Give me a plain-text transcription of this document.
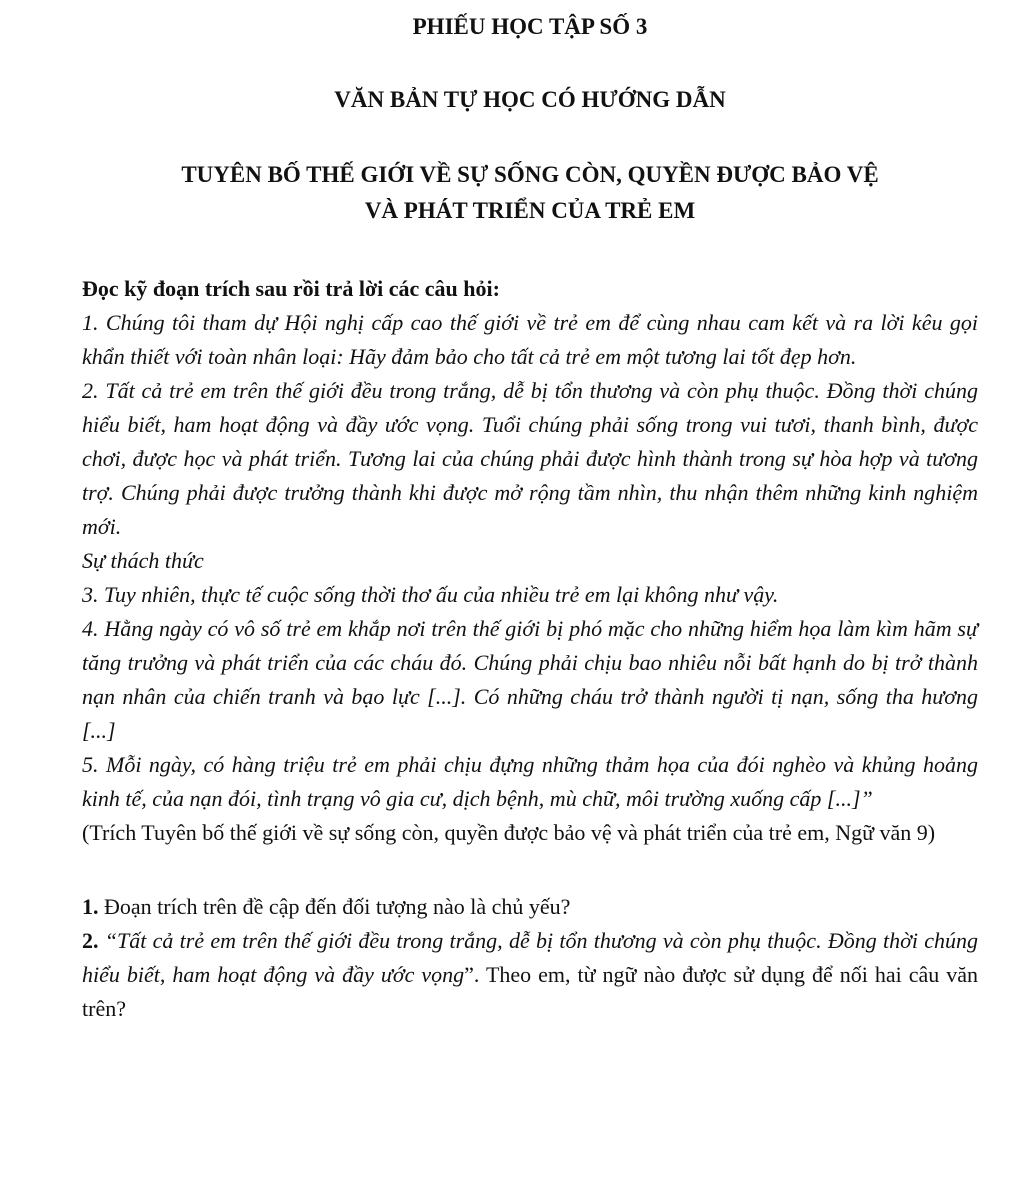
PHIẾU HỌC TẬP SỐ 3
VĂN BẢN TỰ HỌC CÓ HƯỚNG DẪN
TUYÊN BỐ THẾ GIỚI VỀ SỰ SỐNG CÒN, QUYỀN ĐƯỢC BẢO VỆ
VÀ PHÁT TRIỂN CỦA TRẺ EM

Đọc kỹ đoạn trích sau rồi trả lời các câu hỏi:

1. Chúng tôi tham dự Hội nghị cấp cao thế giới về trẻ em để cùng nhau cam kết và ra lời kêu gọi khẩn thiết với toàn nhân loại: Hãy đảm bảo cho tất cả trẻ em một tương lai tốt đẹp hơn.

2. Tất cả trẻ em trên thế giới đều trong trắng, dễ bị tổn thương và còn phụ thuộc. Đồng thời chúng hiểu biết, ham hoạt động và đầy ước vọng. Tuổi chúng phải sống trong vui tươi, thanh bình, được chơi, được học và phát triển. Tương lai của chúng phải được hình thành trong sự hòa hợp và tương trợ. Chúng phải được trưởng thành khi được mở rộng tầm nhìn, thu nhận thêm những kinh nghiệm mới.

Sự thách thức

3. Tuy nhiên, thực tế cuộc sống thời thơ ấu của nhiều trẻ em lại không như vậy.

4. Hằng ngày có vô số trẻ em khắp nơi trên thế giới bị phó mặc cho những hiểm họa làm kìm hãm sự tăng trưởng và phát triển của các cháu đó. Chúng phải chịu bao nhiêu nỗi bất hạnh do bị trở thành nạn nhân của chiến tranh và bạo lực [...]. Có những cháu trở thành người tị nạn, sống tha hương [...]

5. Mỗi ngày, có hàng triệu trẻ em phải chịu đựng những thảm họa của đói nghèo và khủng hoảng kinh tế, của nạn đói, tình trạng vô gia cư, dịch bệnh, mù chữ, môi trường xuống cấp [...]”

(Trích Tuyên bố thế giới về sự sống còn, quyền được bảo vệ và phát triển của trẻ em, Ngữ văn 9)

1. Đoạn trích trên đề cập đến đối tượng nào là chủ yếu?

2. “Tất cả trẻ em trên thế giới đều trong trắng, dễ bị tổn thương và còn phụ thuộc. Đồng thời chúng hiểu biết, ham hoạt động và đầy ước vọng”. Theo em, từ ngữ nào được sử dụng để nối hai câu văn trên?
